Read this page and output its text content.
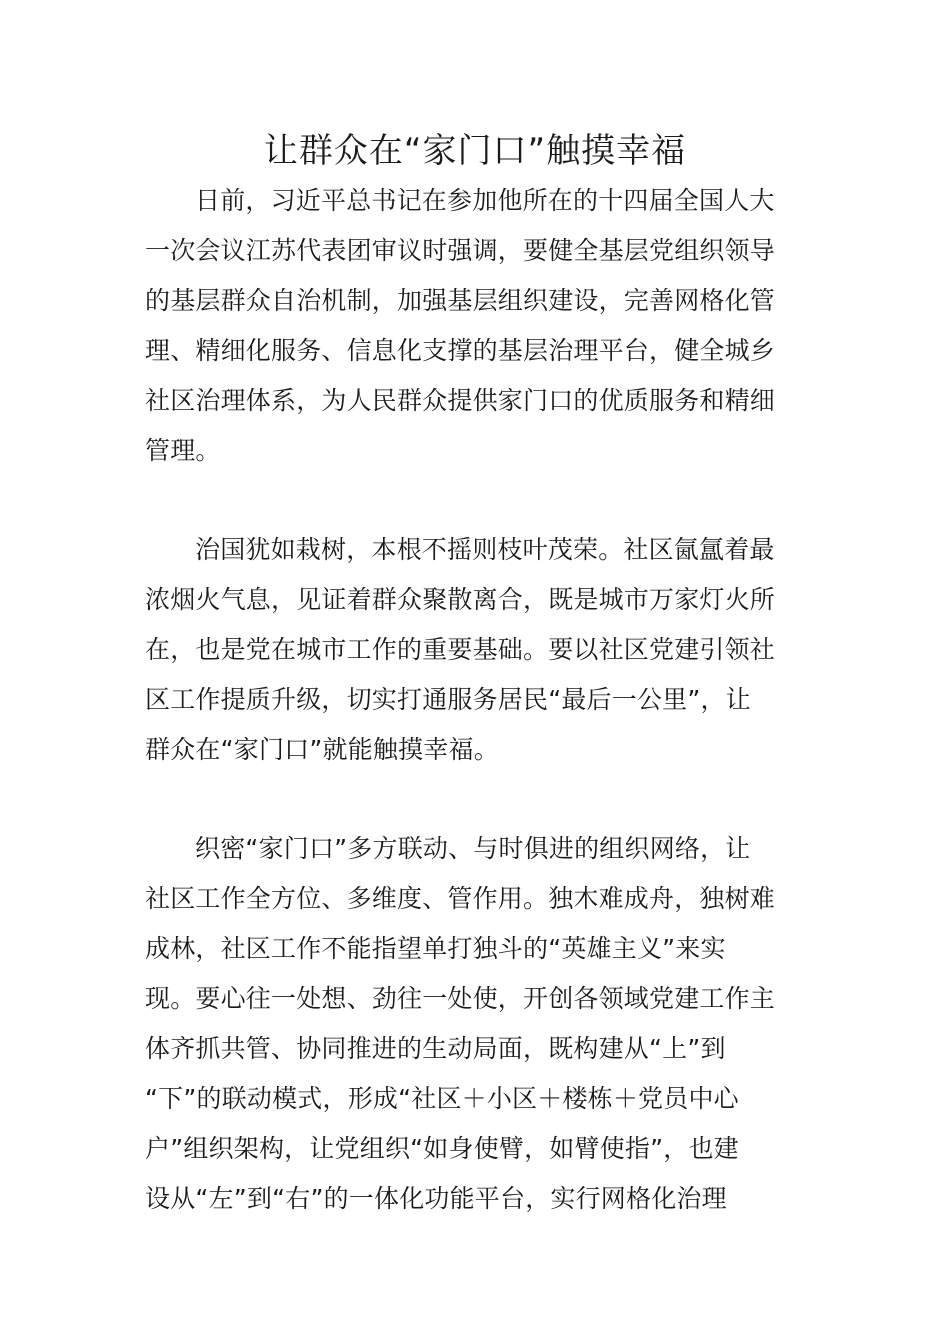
让群众在“家门口”触摸幸福
日前，习近平总书记在参加他所在的十四届全国人大
一次会议江苏代表团审议时强调，要健全基层党组织领导
的基层群众自治机制，加强基层组织建设，完善网格化管
理、精细化服务、信息化支撑的基层治理平台，健全城乡
社区治理体系，为人民群众提供家门口的优质服务和精细
管理。
治国犹如栽树，本根不摇则枝叶茂荣。社区氤氲着最
浓烟火气息，见证着群众聚散离合，既是城市万家灯火所
在，也是党在城市工作的重要基础。要以社区党建引领社
区工作提质升级，切实打通服务居民“最后一公里”，让
群众在“家门口”就能触摸幸福。
织密“家门口”多方联动、与时俱进的组织网络，让
社区工作全方位、多维度、管作用。独木难成舟，独树难
成林，社区工作不能指望单打独斗的“英雄主义”来实
现。要心往一处想、劲往一处使，开创各领域党建工作主
体齐抓共管、协同推进的生动局面，既构建从“上”到
“下”的联动模式，形成“社区＋小区＋楼栋＋党员中心
户”组织架构，让党组织“如身使臂，如臂使指”，也建
设从“左”到“右”的一体化功能平台，实行网格化治理
